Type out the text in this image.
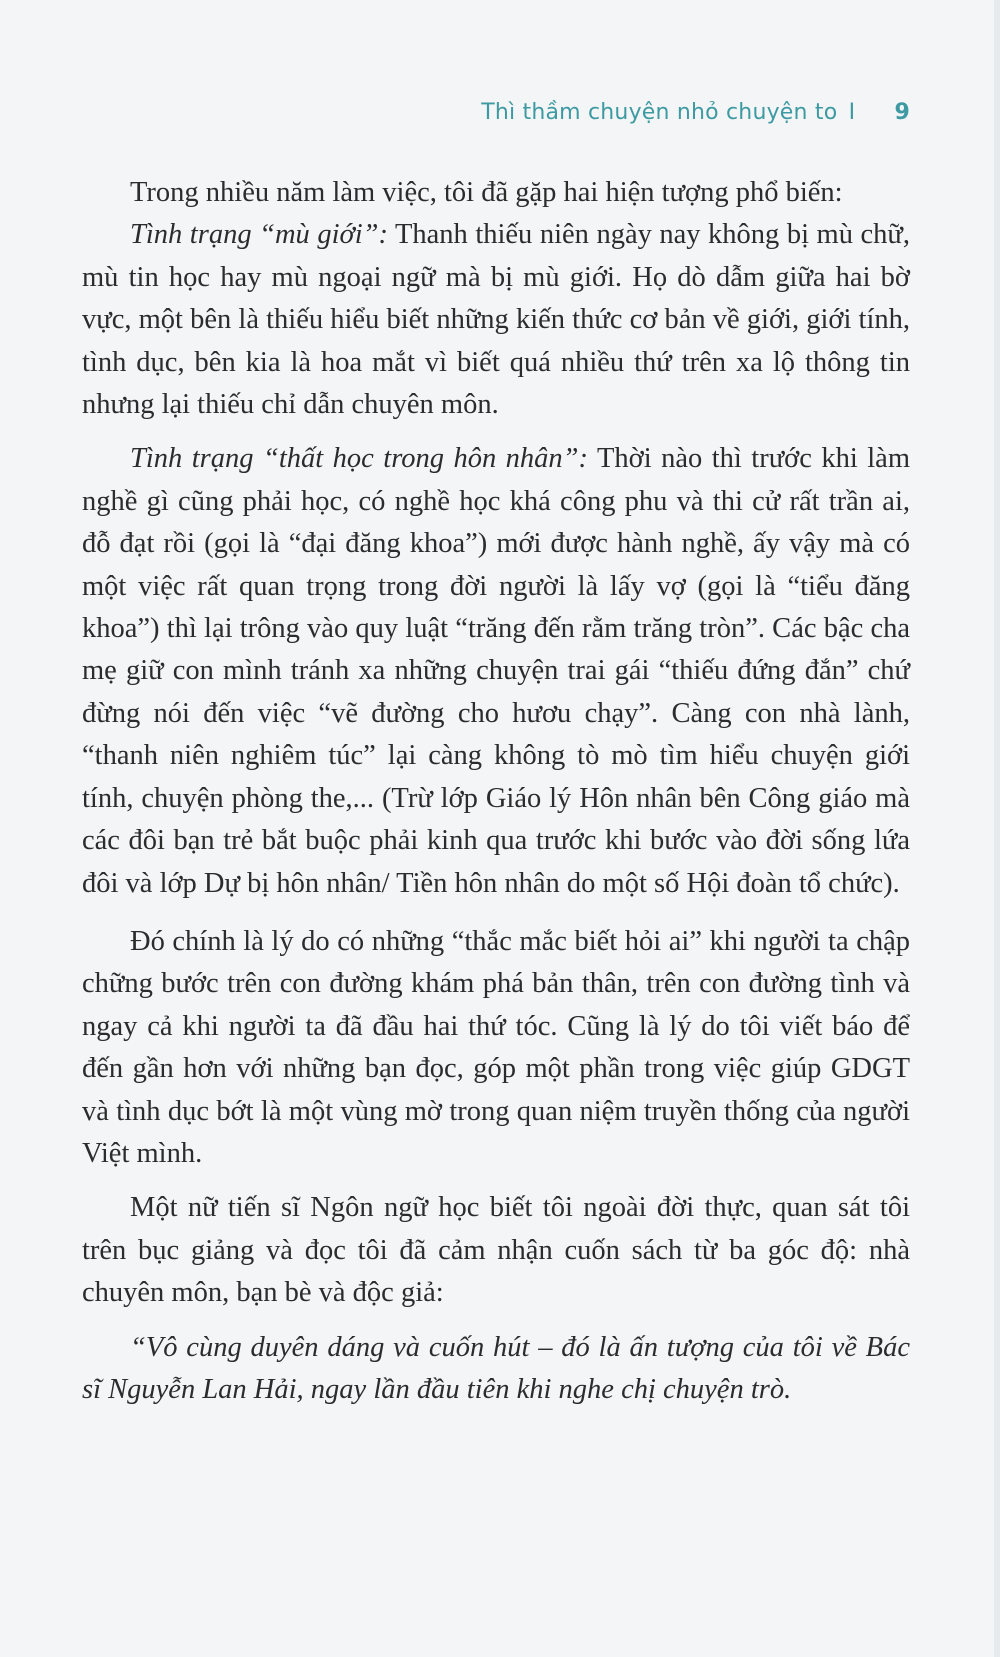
Thì thầm chuyện nhỏ chuyện to I 9

Trong nhiều năm làm việc, tôi đã gặp hai hiện tượng phổ biến:

Tình trạng “mù giới”: Thanh thiếu niên ngày nay không bị mù chữ, mù tin học hay mù ngoại ngữ mà bị mù giới. Họ dò dẫm giữa hai bờ vực, một bên là thiếu hiểu biết những kiến thức cơ bản về giới, giới tính, tình dục, bên kia là hoa mắt vì biết quá nhiều thứ trên xa lộ thông tin nhưng lại thiếu chỉ dẫn chuyên môn.

Tình trạng “thất học trong hôn nhân”: Thời nào thì trước khi làm nghề gì cũng phải học, có nghề học khá công phu và thi cử rất trần ai, đỗ đạt rồi (gọi là “đại đăng khoa”) mới được hành nghề, ấy vậy mà có một việc rất quan trọng trong đời người là lấy vợ (gọi là “tiểu đăng khoa”) thì lại trông vào quy luật “trăng đến rằm trăng tròn”. Các bậc cha mẹ giữ con mình tránh xa những chuyện trai gái “thiếu đứng đắn” chứ đừng nói đến việc “vẽ đường cho hươu chạy”. Càng con nhà lành, “thanh niên nghiêm túc” lại càng không tò mò tìm hiểu chuyện giới tính, chuyện phòng the,... (Trừ lớp Giáo lý Hôn nhân bên Công giáo mà các đôi bạn trẻ bắt buộc phải kinh qua trước khi bước vào đời sống lứa đôi và lớp Dự bị hôn nhân/ Tiền hôn nhân do một số Hội đoàn tổ chức).

Đó chính là lý do có những “thắc mắc biết hỏi ai” khi người ta chập chững bước trên con đường khám phá bản thân, trên con đường tình và ngay cả khi người ta đã đầu hai thứ tóc. Cũng là lý do tôi viết báo để đến gần hơn với những bạn đọc, góp một phần trong việc giúp GDGT và tình dục bớt là một vùng mờ trong quan niệm truyền thống của người Việt mình.

Một nữ tiến sĩ Ngôn ngữ học biết tôi ngoài đời thực, quan sát tôi trên bục giảng và đọc tôi đã cảm nhận cuốn sách từ ba góc độ: nhà chuyên môn, bạn bè và độc giả:

“Vô cùng duyên dáng và cuốn hút – đó là ấn tượng của tôi về Bác sĩ Nguyễn Lan Hải, ngay lần đầu tiên khi nghe chị chuyện trò.
